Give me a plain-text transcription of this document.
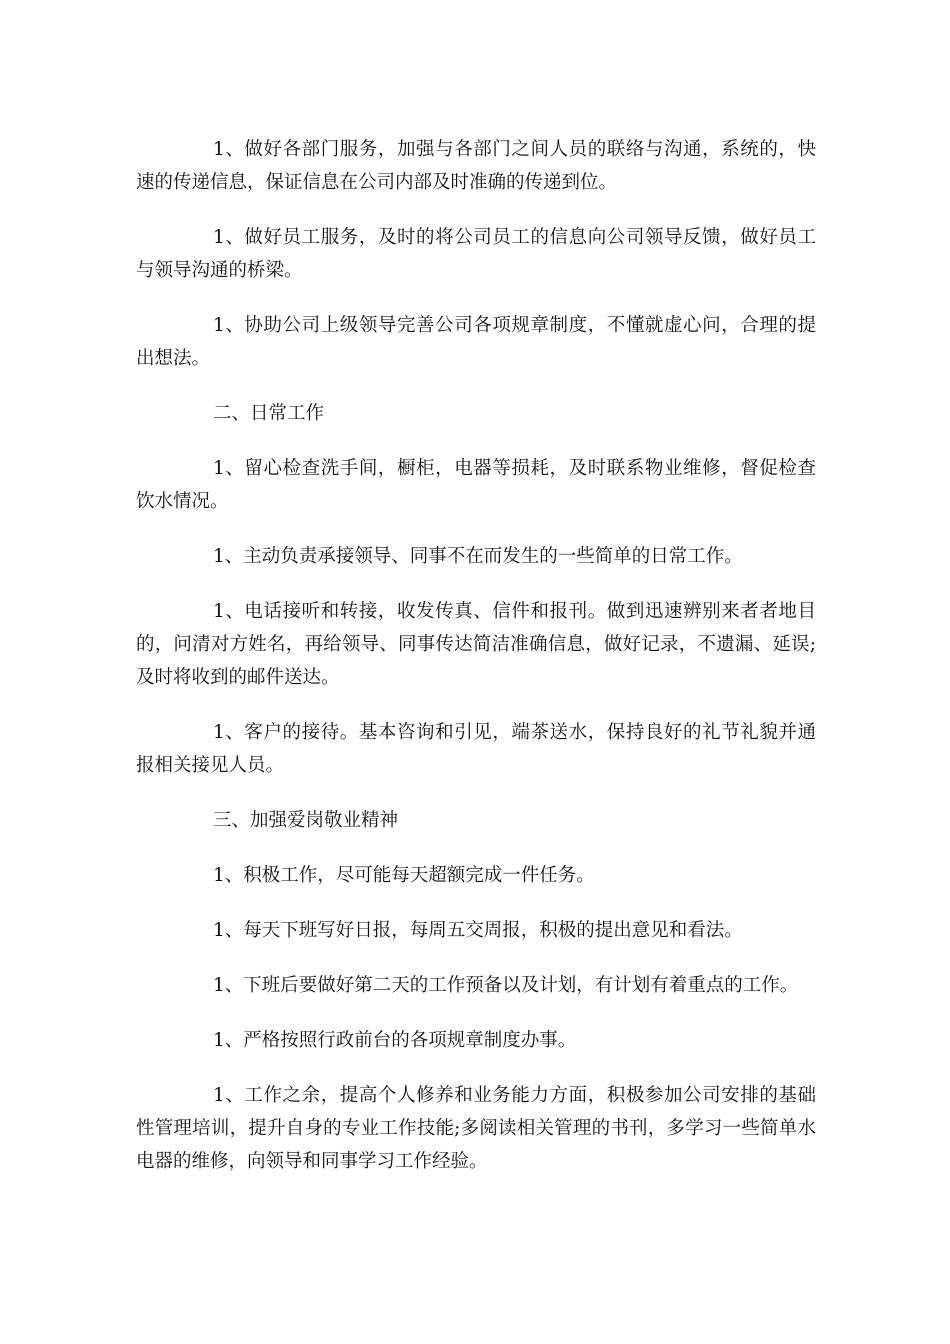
1、做好各部门服务，加强与各部门之间人员的联络与沟通，系统的，快速的传递信息，保证信息在公司内部及时准确的传递到位。

1、做好员工服务，及时的将公司员工的信息向公司领导反馈，做好员工与领导沟通的桥梁。

1、协助公司上级领导完善公司各项规章制度，不懂就虚心问，合理的提出想法。

二、日常工作

1、留心检查洗手间，橱柜，电器等损耗，及时联系物业维修，督促检查饮水情况。

1、主动负责承接领导、同事不在而发生的一些简单的日常工作。

1、电话接听和转接，收发传真、信件和报刊。做到迅速辨别来者者地目的，问清对方姓名，再给领导、同事传达简洁准确信息，做好记录，不遗漏、延误;及时将收到的邮件送达。

1、客户的接待。基本咨询和引见，端茶送水，保持良好的礼节礼貌并通报相关接见人员。

三、加强爱岗敬业精神

1、积极工作，尽可能每天超额完成一件任务。

1、每天下班写好日报，每周五交周报，积极的提出意见和看法。

1、下班后要做好第二天的工作预备以及计划，有计划有着重点的工作。

1、严格按照行政前台的各项规章制度办事。

1、工作之余，提高个人修养和业务能力方面，积极参加公司安排的基础性管理培训，提升自身的专业工作技能;多阅读相关管理的书刊，多学习一些简单水电器的维修，向领导和同事学习工作经验。
